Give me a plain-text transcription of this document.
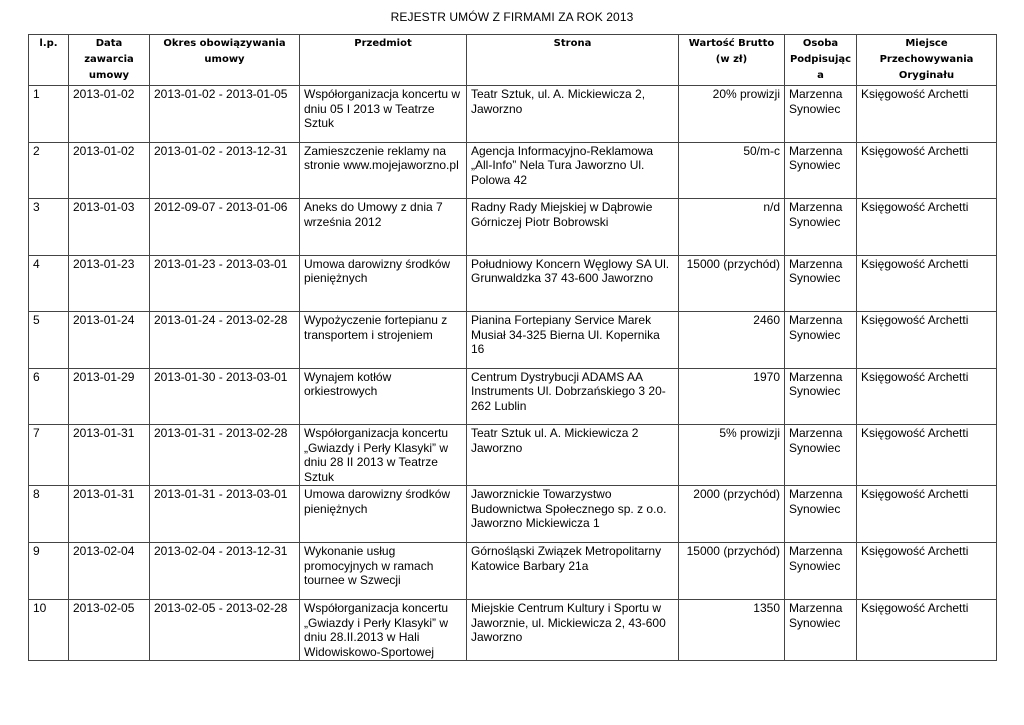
REJESTR UMÓW Z FIRMAMI ZA ROK 2013
l.p.	Data zawarcia umowy	Okres obowiązywania umowy	Przedmiot	Strona	Wartość Brutto (w zł)	Osoba Podpisująca	Miejsce Przechowywania Oryginału
1	2013-01-02	2013-01-02 - 2013-01-05	Współorganizacja koncertu w dniu 05 I 2013 w Teatrze Sztuk	Teatr Sztuk, ul. A. Mickiewicza 2, Jaworzno	20% prowizji	Marzenna Synowiec	Księgowość Archetti
2	2013-01-02	2013-01-02 - 2013-12-31	Zamieszczenie reklamy na stronie www.mojejaworzno.pl	Agencja Informacyjno-Reklamowa „All-Info” Nela Tura Jaworzno Ul. Polowa 42	50/m-c	Marzenna Synowiec	Księgowość Archetti
3	2013-01-03	2012-09-07 - 2013-01-06	Aneks do Umowy z dnia 7 września 2012	Radny Rady Miejskiej w Dąbrowie Górniczej Piotr Bobrowski	n/d	Marzenna Synowiec	Księgowość Archetti
4	2013-01-23	2013-01-23 - 2013-03-01	Umowa darowizny środków pieniężnych	Południowy Koncern Węglowy SA Ul. Grunwaldzka 37 43-600 Jaworzno	15000 (przychód)	Marzenna Synowiec	Księgowość Archetti
5	2013-01-24	2013-01-24 - 2013-02-28	Wypożyczenie fortepianu z transportem i strojeniem	Pianina Fortepiany Service Marek Musiał 34-325 Bierna Ul. Kopernika 16	2460	Marzenna Synowiec	Księgowość Archetti
6	2013-01-29	2013-01-30 - 2013-03-01	Wynajem kotłów orkiestrowych	Centrum Dystrybucji ADAMS AA Instruments Ul. Dobrzańskiego 3 20-262 Lublin	1970	Marzenna Synowiec	Księgowość Archetti
7	2013-01-31	2013-01-31 - 2013-02-28	Współorganizacja koncertu „Gwiazdy i Perły Klasyki” w dniu 28 II 2013 w Teatrze Sztuk	Teatr Sztuk ul. A. Mickiewicza 2 Jaworzno	5% prowizji	Marzenna Synowiec	Księgowość Archetti
8	2013-01-31	2013-01-31 - 2013-03-01	Umowa darowizny środków pieniężnych	Jaworznickie Towarzystwo Budownictwa Społecznego sp. z o.o. Jaworzno Mickiewicza 1	2000 (przychód)	Marzenna Synowiec	Księgowość Archetti
9	2013-02-04	2013-02-04 - 2013-12-31	Wykonanie usług promocyjnych w ramach tournee w Szwecji	Górnośląski Związek Metropolitarny Katowice Barbary 21a	15000 (przychód)	Marzenna Synowiec	Księgowość Archetti
10	2013-02-05	2013-02-05 - 2013-02-28	Współorganizacja koncertu „Gwiazdy i Perły Klasyki” w dniu 28.II.2013 w Hali Widowiskowo-Sportowej	Miejskie Centrum Kultury i Sportu w Jaworznie, ul. Mickiewicza 2, 43-600 Jaworzno	1350	Marzenna Synowiec	Księgowość Archetti
